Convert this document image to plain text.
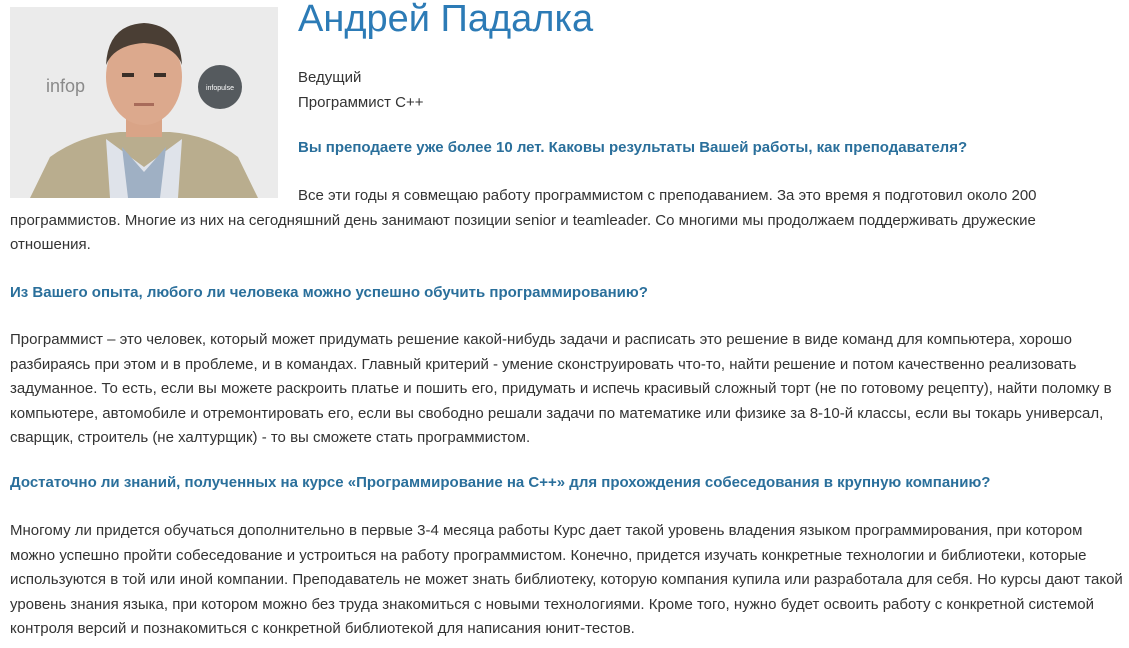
infop	infopulse
Андрей Падалка
Ведущий
Программист С++

Вы преподаете уже более 10 лет. Каковы результаты Вашей работы, как преподавателя?

Все эти годы я совмещаю работу программистом с преподаванием. За это время я подготовил около 200 программистов. Многие из них на сегодняшний день занимают позиции senior и teamleader. Со многими мы продолжаем поддерживать дружеские отношения.

Из Вашего опыта, любого ли человека можно успешно обучить программированию?

Программист – это человек, который может придумать решение какой-нибудь задачи и расписать это решение в виде команд для компьютера, хорошо разбираясь при этом и в проблеме, и в командах. Главный критерий - умение сконструировать что-то, найти решение и потом качественно реализовать задуманное. То есть, если вы можете раскроить платье и пошить его, придумать и испечь красивый сложный торт (не по готовому рецепту), найти поломку в компьютере, автомобиле и отремонтировать его, если вы свободно решали задачи по математике или физике за 8-10-й классы, если вы токарь универсал, сварщик, строитель (не халтурщик) - то вы сможете стать программистом.

Достаточно ли знаний, полученных на курсе «Программирование на С++» для прохождения собеседования в крупную компанию?

Многому ли придется обучаться дополнительно в первые 3-4 месяца работы Курс дает такой уровень владения языком программирования, при котором можно успешно пройти собеседование и устроиться на работу программистом. Конечно, придется изучать конкретные технологии и библиотеки, которые используются в той или иной компании. Преподаватель не может знать библиотеку, которую компания купила или разработала для себя. Но курсы дают такой уровень знания языка, при котором можно без труда знакомиться с новыми технологиями. Кроме того, нужно будет освоить работу с конкретной системой контроля версий и познакомиться с конкретной библиотекой для написания юнит-тестов.
